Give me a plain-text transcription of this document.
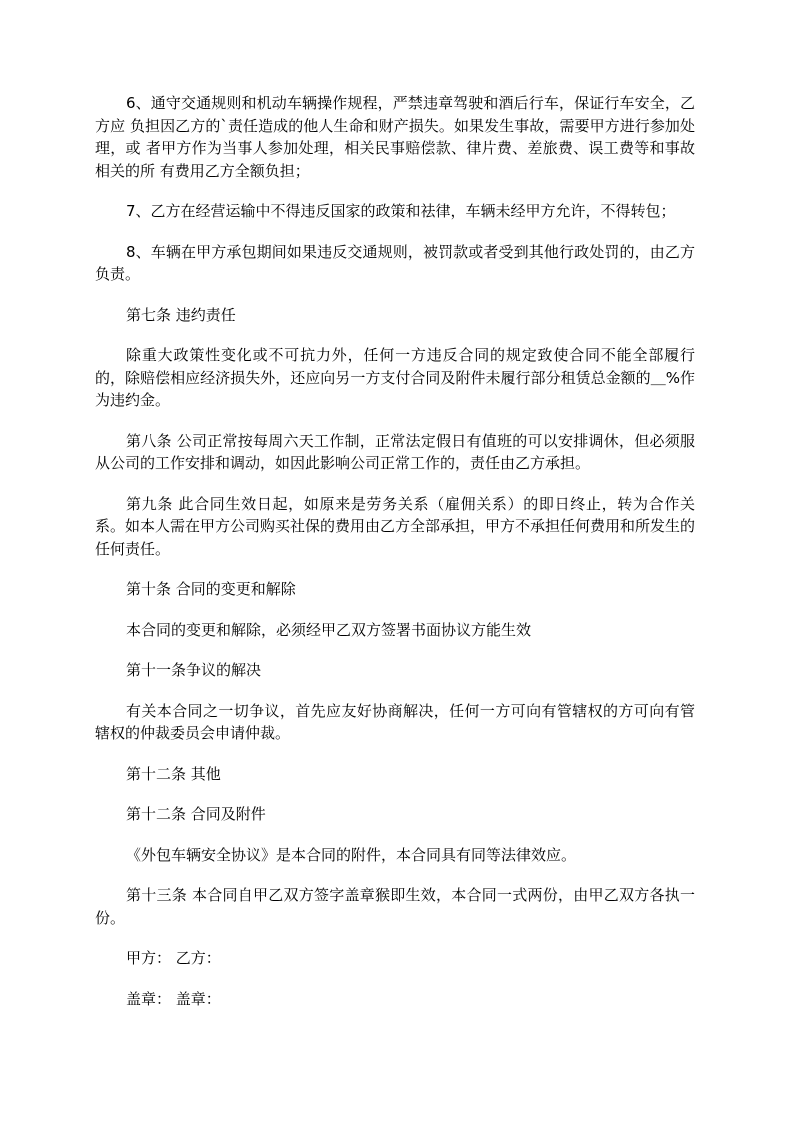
6、通守交通规则和机动车辆操作规程，严禁违章驾驶和酒后行车，保证行车安全，乙方应 负担因乙方的`责任造成的他人生命和财产损失。如果发生事故，需要甲方进行参加处理，或 者甲方作为当事人参加处理，相关民事赔偿款、律片费、差旅费、误工费等和事故相关的所 有费用乙方全额负担；

7、乙方在经营运输中不得违反国家的政策和祛律，车辆未经甲方允许，不得转包；

8、车辆在甲方承包期间如果违反交通规则，被罚款或者受到其他行政处罚的，由乙方负责。

第七条 违约责任

除重大政策性变化或不可抗力外，任何一方违反合同的规定致使合同不能全部履行的，除赔偿相应经济损失外，还应向另一方支付合同及附件未履行部分租赁总金额的＿%作为违约金。

第八条 公司正常按每周六天工作制，正常法定假日有值班的可以安排调休，但必须服从公司的工作安排和调动，如因此影响公司正常工作的，责任由乙方承担。

第九条 此合同生效日起，如原来是劳务关系（雇佣关系）的即日终止，转为合作关系。如本人需在甲方公司购买社保的费用由乙方全部承担，甲方不承担任何费用和所发生的任何责任。

第十条 合同的变更和解除

本合同的变更和解除，必须经甲乙双方签署书面协议方能生效

第十一条争议的解决

有关本合同之一切争议，首先应友好协商解决，任何一方可向有管辖权的方可向有管辖权的仲裁委员会申请仲裁。

第十二条 其他

第十二条 合同及附件

《外包车辆安全协议》是本合同的附件，本合同具有同等法律效应。

第十三条 本合同自甲乙双方签字盖章猴即生效，本合同一式两份，由甲乙双方各执一份。

甲方： 乙方：

盖章： 盖章：
